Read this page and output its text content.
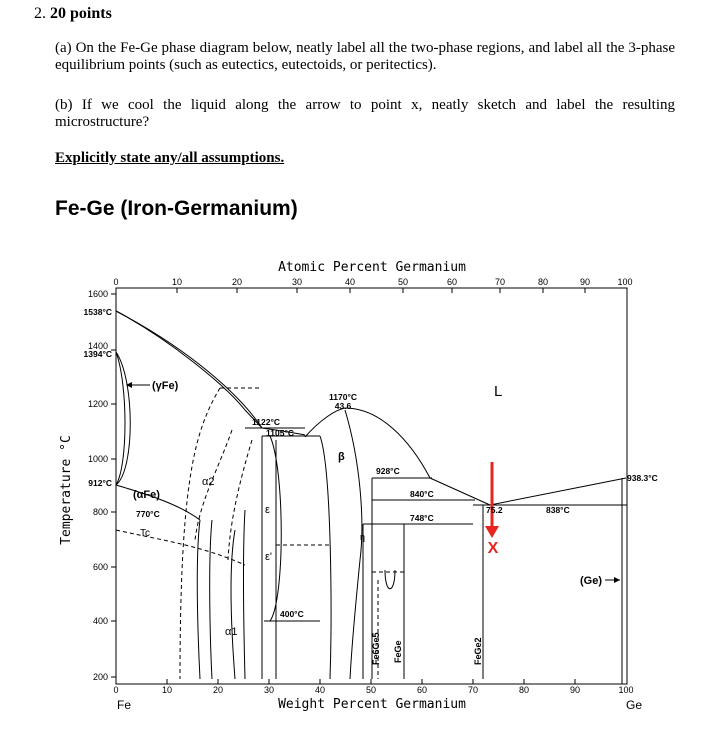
2. 20 points
(a) On the Fe-Ge phase diagram below, neatly label all the two-phase regions, and label all the 3-phase equilibrium points (such as eutectics, eutectoids, or peritectics).
(b) If we cool the liquid along the arrow to point x, neatly sketch and label the resulting microstructure?
Explicitly state any/all assumptions.
Fe-Ge (Iron-Germanium)
Atomic Percent Germanium
Weight Percent Germanium
Temperature °C
0	10	20	30	40	50	60	70	80	90	100
0	10	20	30	40	50	60	70	80	90	100
1600
1400
1200
1000
800
600
400
200
Fe	Ge
1538°C
1394°C
912°C
770°C
1122°C
1105°C
1170°C
43.6
928°C
840°C
748°C
400°C
75.2	838°C
938.3°C
L
(γFe)
(αFe)
Tc
α2
α1
ε
ε'
β
η
(Ge)
Fe6Ge5 FeGe	FeGe2
X
